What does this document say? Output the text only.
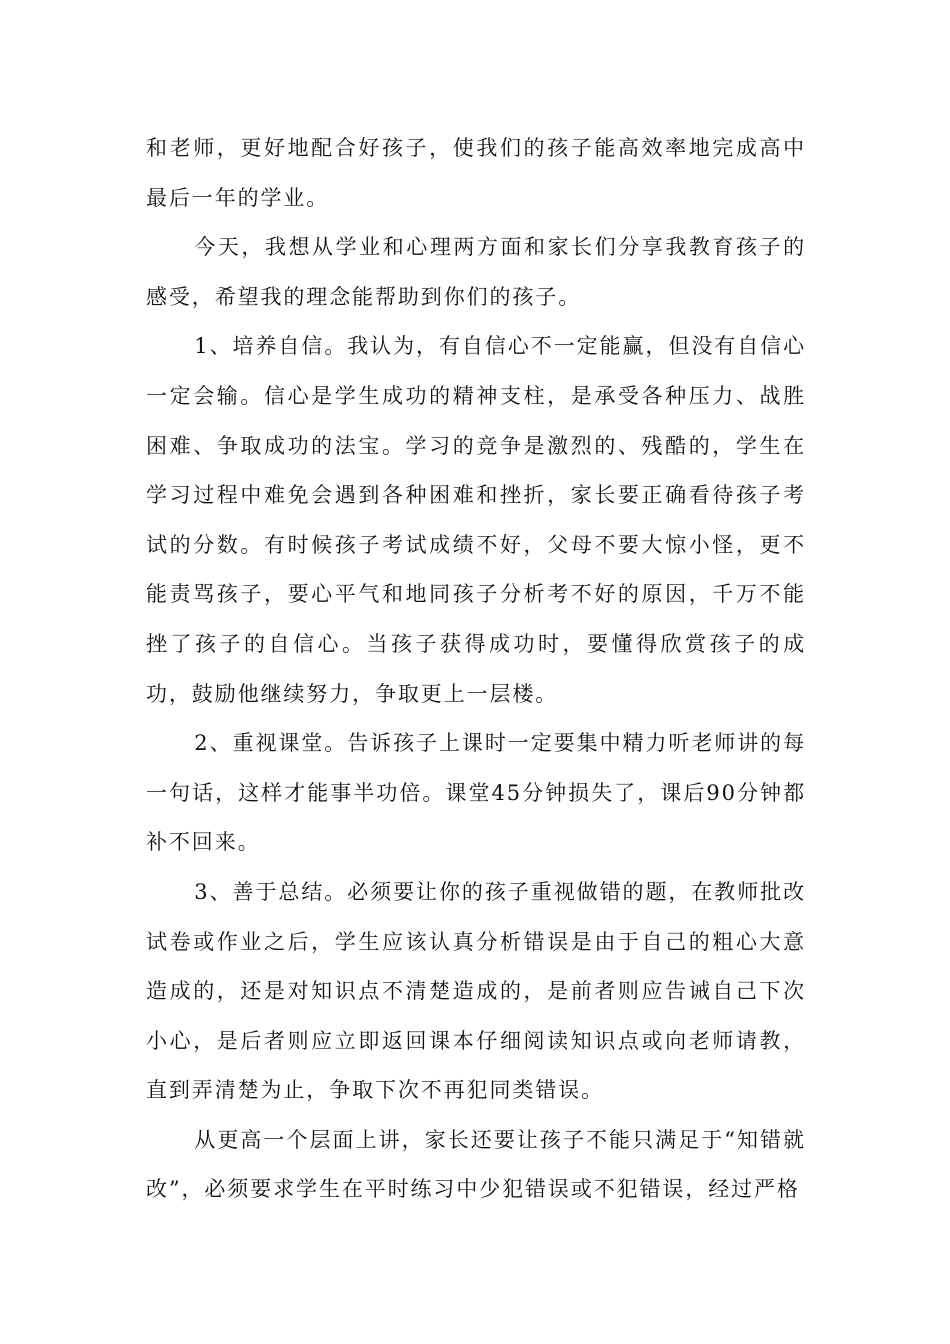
和老师，更好地配合好孩子，使我们的孩子能高效率地完成高中最后一年的学业。

今天，我想从学业和心理两方面和家长们分享我教育孩子的感受，希望我的理念能帮助到你们的孩子。

1、培养自信。我认为，有自信心不一定能赢，但没有自信心一定会输。信心是学生成功的精神支柱，是承受各种压力、战胜困难、争取成功的法宝。学习的竞争是激烈的、残酷的，学生在学习过程中难免会遇到各种困难和挫折，家长要正确看待孩子考试的分数。有时候孩子考试成绩不好，父母不要大惊小怪，更不能责骂孩子，要心平气和地同孩子分析考不好的原因，千万不能挫了孩子的自信心。当孩子获得成功时，要懂得欣赏孩子的成功，鼓励他继续努力，争取更上一层楼。

2、重视课堂。告诉孩子上课时一定要集中精力听老师讲的每一句话，这样才能事半功倍。课堂45分钟损失了，课后90分钟都补不回来。

3、善于总结。必须要让你的孩子重视做错的题，在教师批改试卷或作业之后，学生应该认真分析错误是由于自己的粗心大意造成的，还是对知识点不清楚造成的，是前者则应告诫自己下次小心，是后者则应立即返回课本仔细阅读知识点或向老师请教，直到弄清楚为止，争取下次不再犯同类错误。

从更高一个层面上讲，家长还要让孩子不能只满足于“知错就改”，必须要求学生在平时练习中少犯错误或不犯错误，经过严格
